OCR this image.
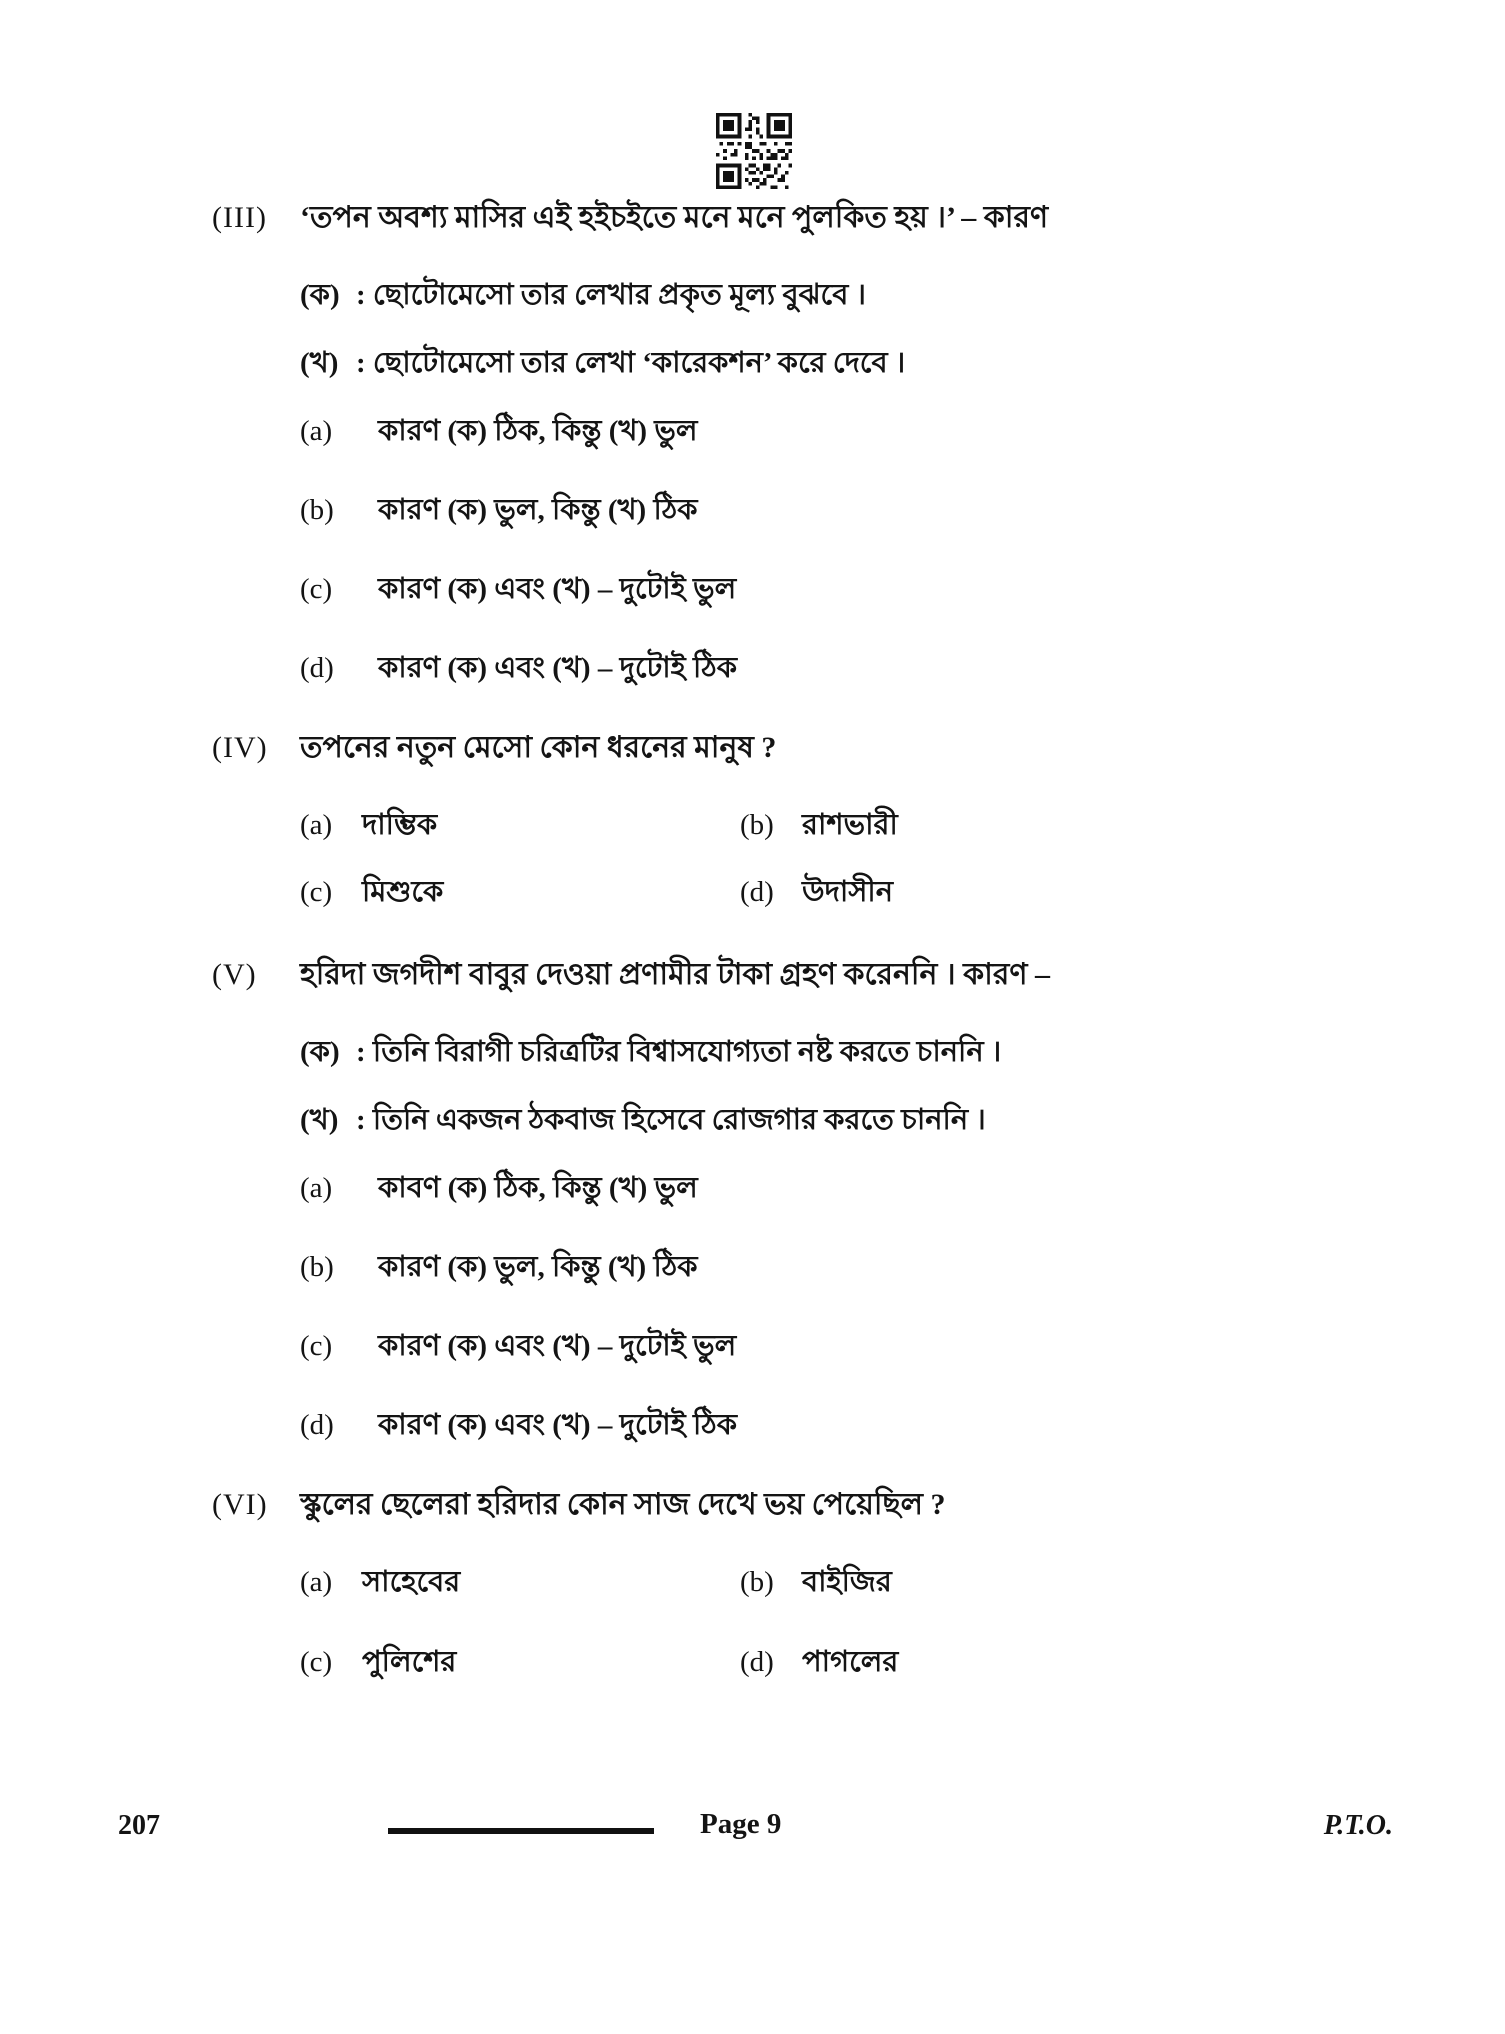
(III)	‘তপন অবশ্য মাসির এই হইচইতে মনে মনে পুলকিত হয় ।’ – কারণ
(ক) : ছোটোমেসো তার লেখার প্রকৃত মূল্য বুঝবে ।
(খ) : ছোটোমেসো তার লেখা ‘কারেকশন’ করে দেবে ।
(a)	কারণ (ক) ঠিক, কিন্তু (খ) ভুল
(b)	কারণ (ক) ভুল, কিন্তু (খ) ঠিক
(c)	কারণ (ক) এবং (খ) – দুটোই ভুল
(d)	কারণ (ক) এবং (খ) – দুটোই ঠিক
(IV)	তপনের নতুন মেসো কোন ধরনের মানুষ ?
(a)	দাম্ভিক	(b) রাশভারী
(c)	মিশুকে	(d) উদাসীন
(V)	হরিদা জগদীশ বাবুর দেওয়া প্রণামীর টাকা গ্রহণ করেননি । কারণ –
(ক) : তিনি বিরাগী চরিত্রটির বিশ্বাসযোগ্যতা নষ্ট করতে চাননি ।
(খ) : তিনি একজন ঠকবাজ হিসেবে রোজগার করতে চাননি ।
(a)	কাবণ (ক) ঠিক, কিন্তু (খ) ভুল
(b)	কারণ (ক) ভুল, কিন্তু (খ) ঠিক
(c)	কারণ (ক) এবং (খ) – দুটোই ভুল
(d)	কারণ (ক) এবং (খ) – দুটোই ঠিক
(VI)	স্কুলের ছেলেরা হরিদার কোন সাজ দেখে ভয় পেয়েছিল ?
(a)	সাহেবের	(b) বাইজির
(c)	পুলিশের	(d) পাগলের
207	Page 9	P.T.O.
